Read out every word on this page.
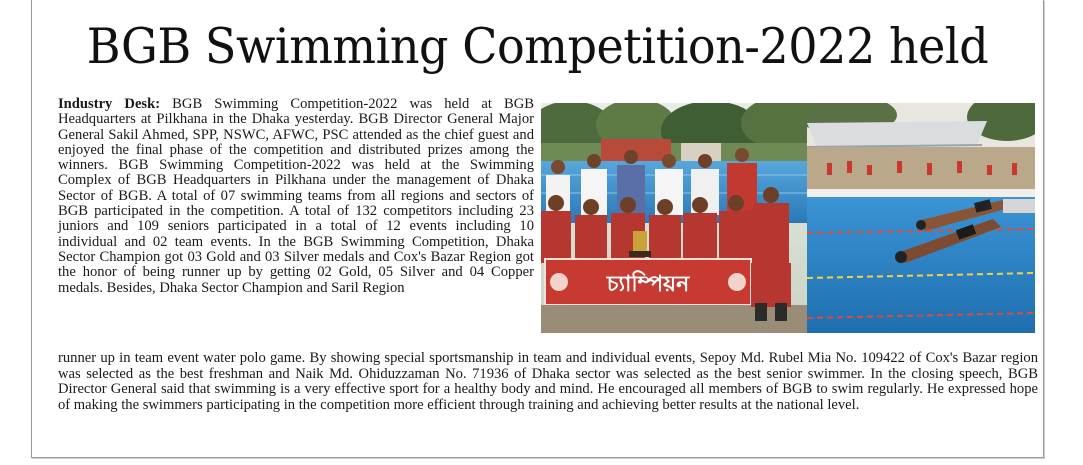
BGB Swimming Competition-2022 held

Industry Desk: BGB Swimming Competition-2022 was held at BGB Headquarters at Pilkhana in the Dhaka yesterday. BGB Director General Major General Sakil Ahmed, SPP, NSWC, AFWC, PSC attended as the chief guest and enjoyed the final phase of the competition and distributed prizes among the winners. BGB Swimming Competition-2022 was held at the Swimming Complex of BGB Headquarters in Pilkhana under the management of Dhaka Sector of BGB. A total of 07 swimming teams from all regions and sectors of BGB participated in the competition. A total of 132 competitors including 23 juniors and 109 seniors participated in a total of 12 events including 10 individual and 02 team events. In the BGB Swimming Competition, Dhaka Sector Champion got 03 Gold and 03 Silver medals and Cox's Bazar Region got the honor of being runner up by getting 02 Gold, 05 Silver and 04 Copper medals. Besides, Dhaka Sector Champion and Saril Region	চ্যাম্পিয়ন

runner up in team event water polo game. By showing special sportsmanship in team and individual events, Sepoy Md. Rubel Mia No. 109422 of Cox's Bazar region was selected as the best freshman and Naik Md. Ohiduzzaman No. 71936 of Dhaka sector was selected as the best senior swimmer. In the closing speech, BGB Director General said that swimming is a very effective sport for a healthy body and mind. He encouraged all members of BGB to swim regularly. He expressed hope of making the swimmers participating in the competition more efficient through training and achieving better results at the national level.
